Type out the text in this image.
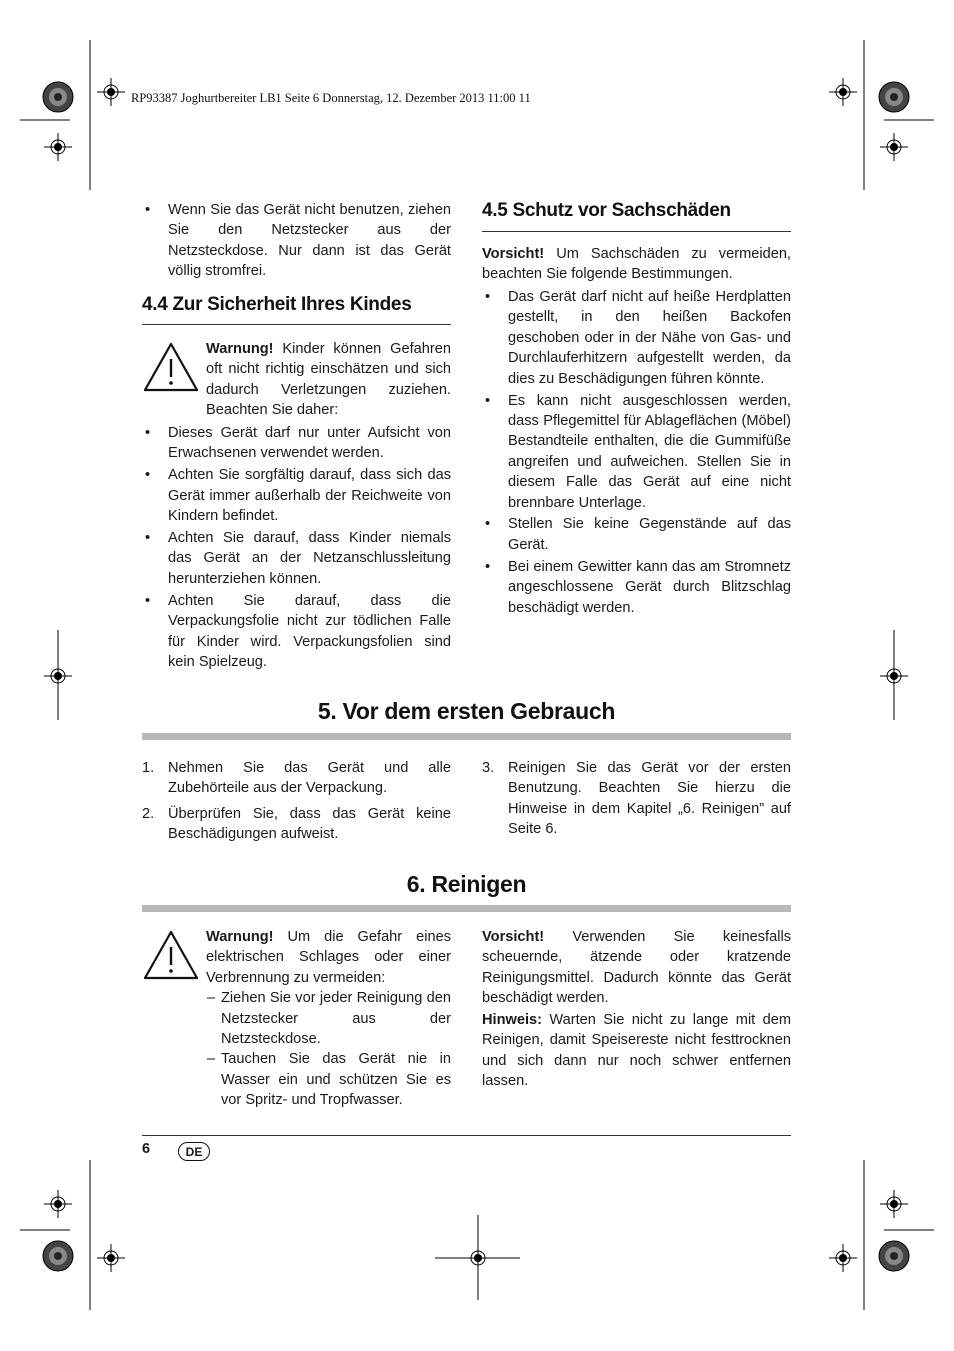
RP93387 Joghurtbereiter LB1 Seite 6 Donnerstag, 12. Dezember 2013 11:00 11
• Wenn Sie das Gerät nicht benutzen, ziehen Sie den Netzstecker aus der Netzsteckdose. Nur dann ist das Gerät völlig stromfrei.
4.4 Zur Sicherheit Ihres Kindes
Warnung! Kinder können Gefahren oft nicht richtig einschätzen und sich dadurch Verletzungen zuziehen. Beachten Sie daher:
• Dieses Gerät darf nur unter Aufsicht von Erwachsenen verwendet werden.
• Achten Sie sorgfältig darauf, dass sich das Gerät immer außerhalb der Reichweite von Kindern befindet.
• Achten Sie darauf, dass Kinder niemals das Gerät an der Netzanschlussleitung herunterziehen können.
• Achten Sie darauf, dass die Verpackungsfolie nicht zur tödlichen Falle für Kinder wird. Verpackungsfolien sind kein Spielzeug.
4.5 Schutz vor Sachschäden
Vorsicht! Um Sachschäden zu vermeiden, beachten Sie folgende Bestimmungen.
• Das Gerät darf nicht auf heiße Herdplatten gestellt, in den heißen Backofen geschoben oder in der Nähe von Gas- und Durchlauferhitzern aufgestellt werden, da dies zu Beschädigungen führen könnte.
• Es kann nicht ausgeschlossen werden, dass Pflegemittel für Ablageflächen (Möbel) Bestandteile enthalten, die die Gummifüße angreifen und aufweichen. Stellen Sie in diesem Falle das Gerät auf eine nicht brennbare Unterlage.
• Stellen Sie keine Gegenstände auf das Gerät.
• Bei einem Gewitter kann das am Stromnetz angeschlossene Gerät durch Blitzschlag beschädigt werden.
5. Vor dem ersten Gebrauch
1. Nehmen Sie das Gerät und alle Zubehörteile aus der Verpackung.
2. Überprüfen Sie, dass das Gerät keine Beschädigungen aufweist.
3. Reinigen Sie das Gerät vor der ersten Benutzung. Beachten Sie hierzu die Hinweise in dem Kapitel „6. Reinigen” auf Seite 6.
6. Reinigen
Warnung! Um die Gefahr eines elektrischen Schlages oder einer Verbrennung zu vermeiden:
– Ziehen Sie vor jeder Reinigung den Netzstecker aus der Netzsteckdose.
– Tauchen Sie das Gerät nie in Wasser ein und schützen Sie es vor Spritz- und Tropfwasser.
Vorsicht! Verwenden Sie keinesfalls scheuernde, ätzende oder kratzende Reinigungsmittel. Dadurch könnte das Gerät beschädigt werden.
Hinweis: Warten Sie nicht zu lange mit dem Reinigen, damit Speisereste nicht festtrocknen und sich dann nur noch schwer entfernen lassen.
6	DE
